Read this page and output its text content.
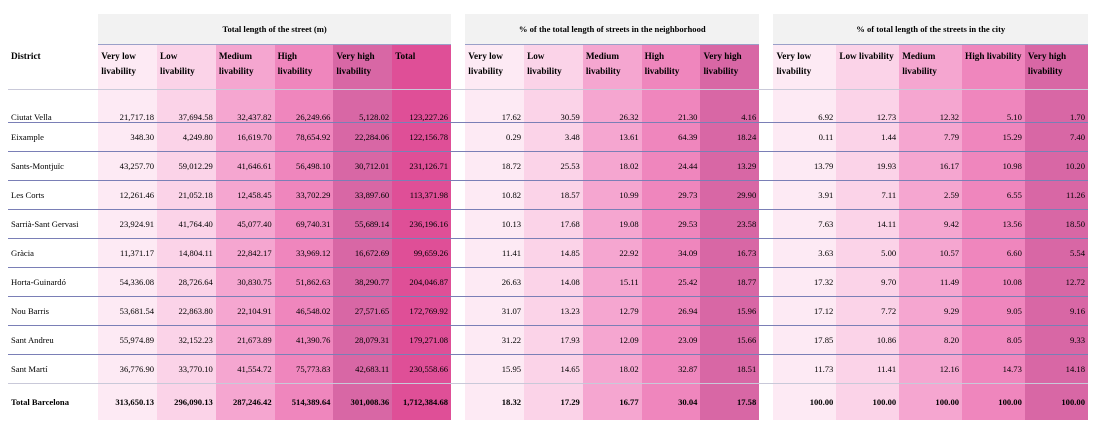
	Total length of the street (m)							% of the total length of streets in the neighborhood						% of total length of the streets in the city				
District	Very low livability	Low livability	Medium livability	High livability	Very high livability	Total		Very low livability	Low livability	Medium livability	High livability	Very high livability		Very low livability	Low livability	Medium livability	High livability	Very high livability
Ciutat Vella	21,717.18	37,694.58	32,437.82	26,249.66	5,128.02	123,227.26		17.62	30.59	26.32	21.30	4.16		6.92	12.73	12.32	5.10	1.70
Eixample	348.30	4,249.80	16,619.70	78,654.92	22,284.06	122,156.78		0.29	3.48	13.61	64.39	18.24		0.11	1.44	7.79	15.29	7.40
Sants-Montjuïc	43,257.70	59,012.29	41,646.61	56,498.10	30,712.01	231,126.71		18.72	25.53	18.02	24.44	13.29		13.79	19.93	16.17	10.98	10.20
Les Corts	12,261.46	21,052.18	12,458.45	33,702.29	33,897.60	113,371.98		10.82	18.57	10.99	29.73	29.90		3.91	7.11	2.59	6.55	11.26
Sarrià-Sant Gervasi	23,924.91	41,764.40	45,077.40	69,740.31	55,689.14	236,196.16		10.13	17.68	19.08	29.53	23.58		7.63	14.11	9.42	13.56	18.50
Gràcia	11,371.17	14,804.11	22,842.17	33,969.12	16,672.69	99,659.26		11.41	14.85	22.92	34.09	16.73		3.63	5.00	10.57	6.60	5.54
Horta-Guinardó	54,336.08	28,726.64	30,830.75	51,862.63	38,290.77	204,046.87		26.63	14.08	15.11	25.42	18.77		17.32	9.70	11.49	10.08	12.72
Nou Barris	53,681.54	22,863.80	22,104.91	46,548.02	27,571.65	172,769.92		31.07	13.23	12.79	26.94	15.96		17.12	7.72	9.29	9.05	9.16
Sant Andreu	55,974.89	32,152.23	21,673.89	41,390.76	28,079.31	179,271.08		31.22	17.93	12.09	23.09	15.66		17.85	10.86	8.20	8.05	9.33
Sant Martí	36,776.90	33,770.10	41,554.72	75,773.83	42,683.11	230,558.66		15.95	14.65	18.02	32.87	18.51		11.73	11.41	12.16	14.73	14.18
Total Barcelona	313,650.13	296,090.13	287,246.42	514,389.64	301,008.36	1,712,384.68		18.32	17.29	16.77	30.04	17.58		100.00	100.00	100.00	100.00	100.00
